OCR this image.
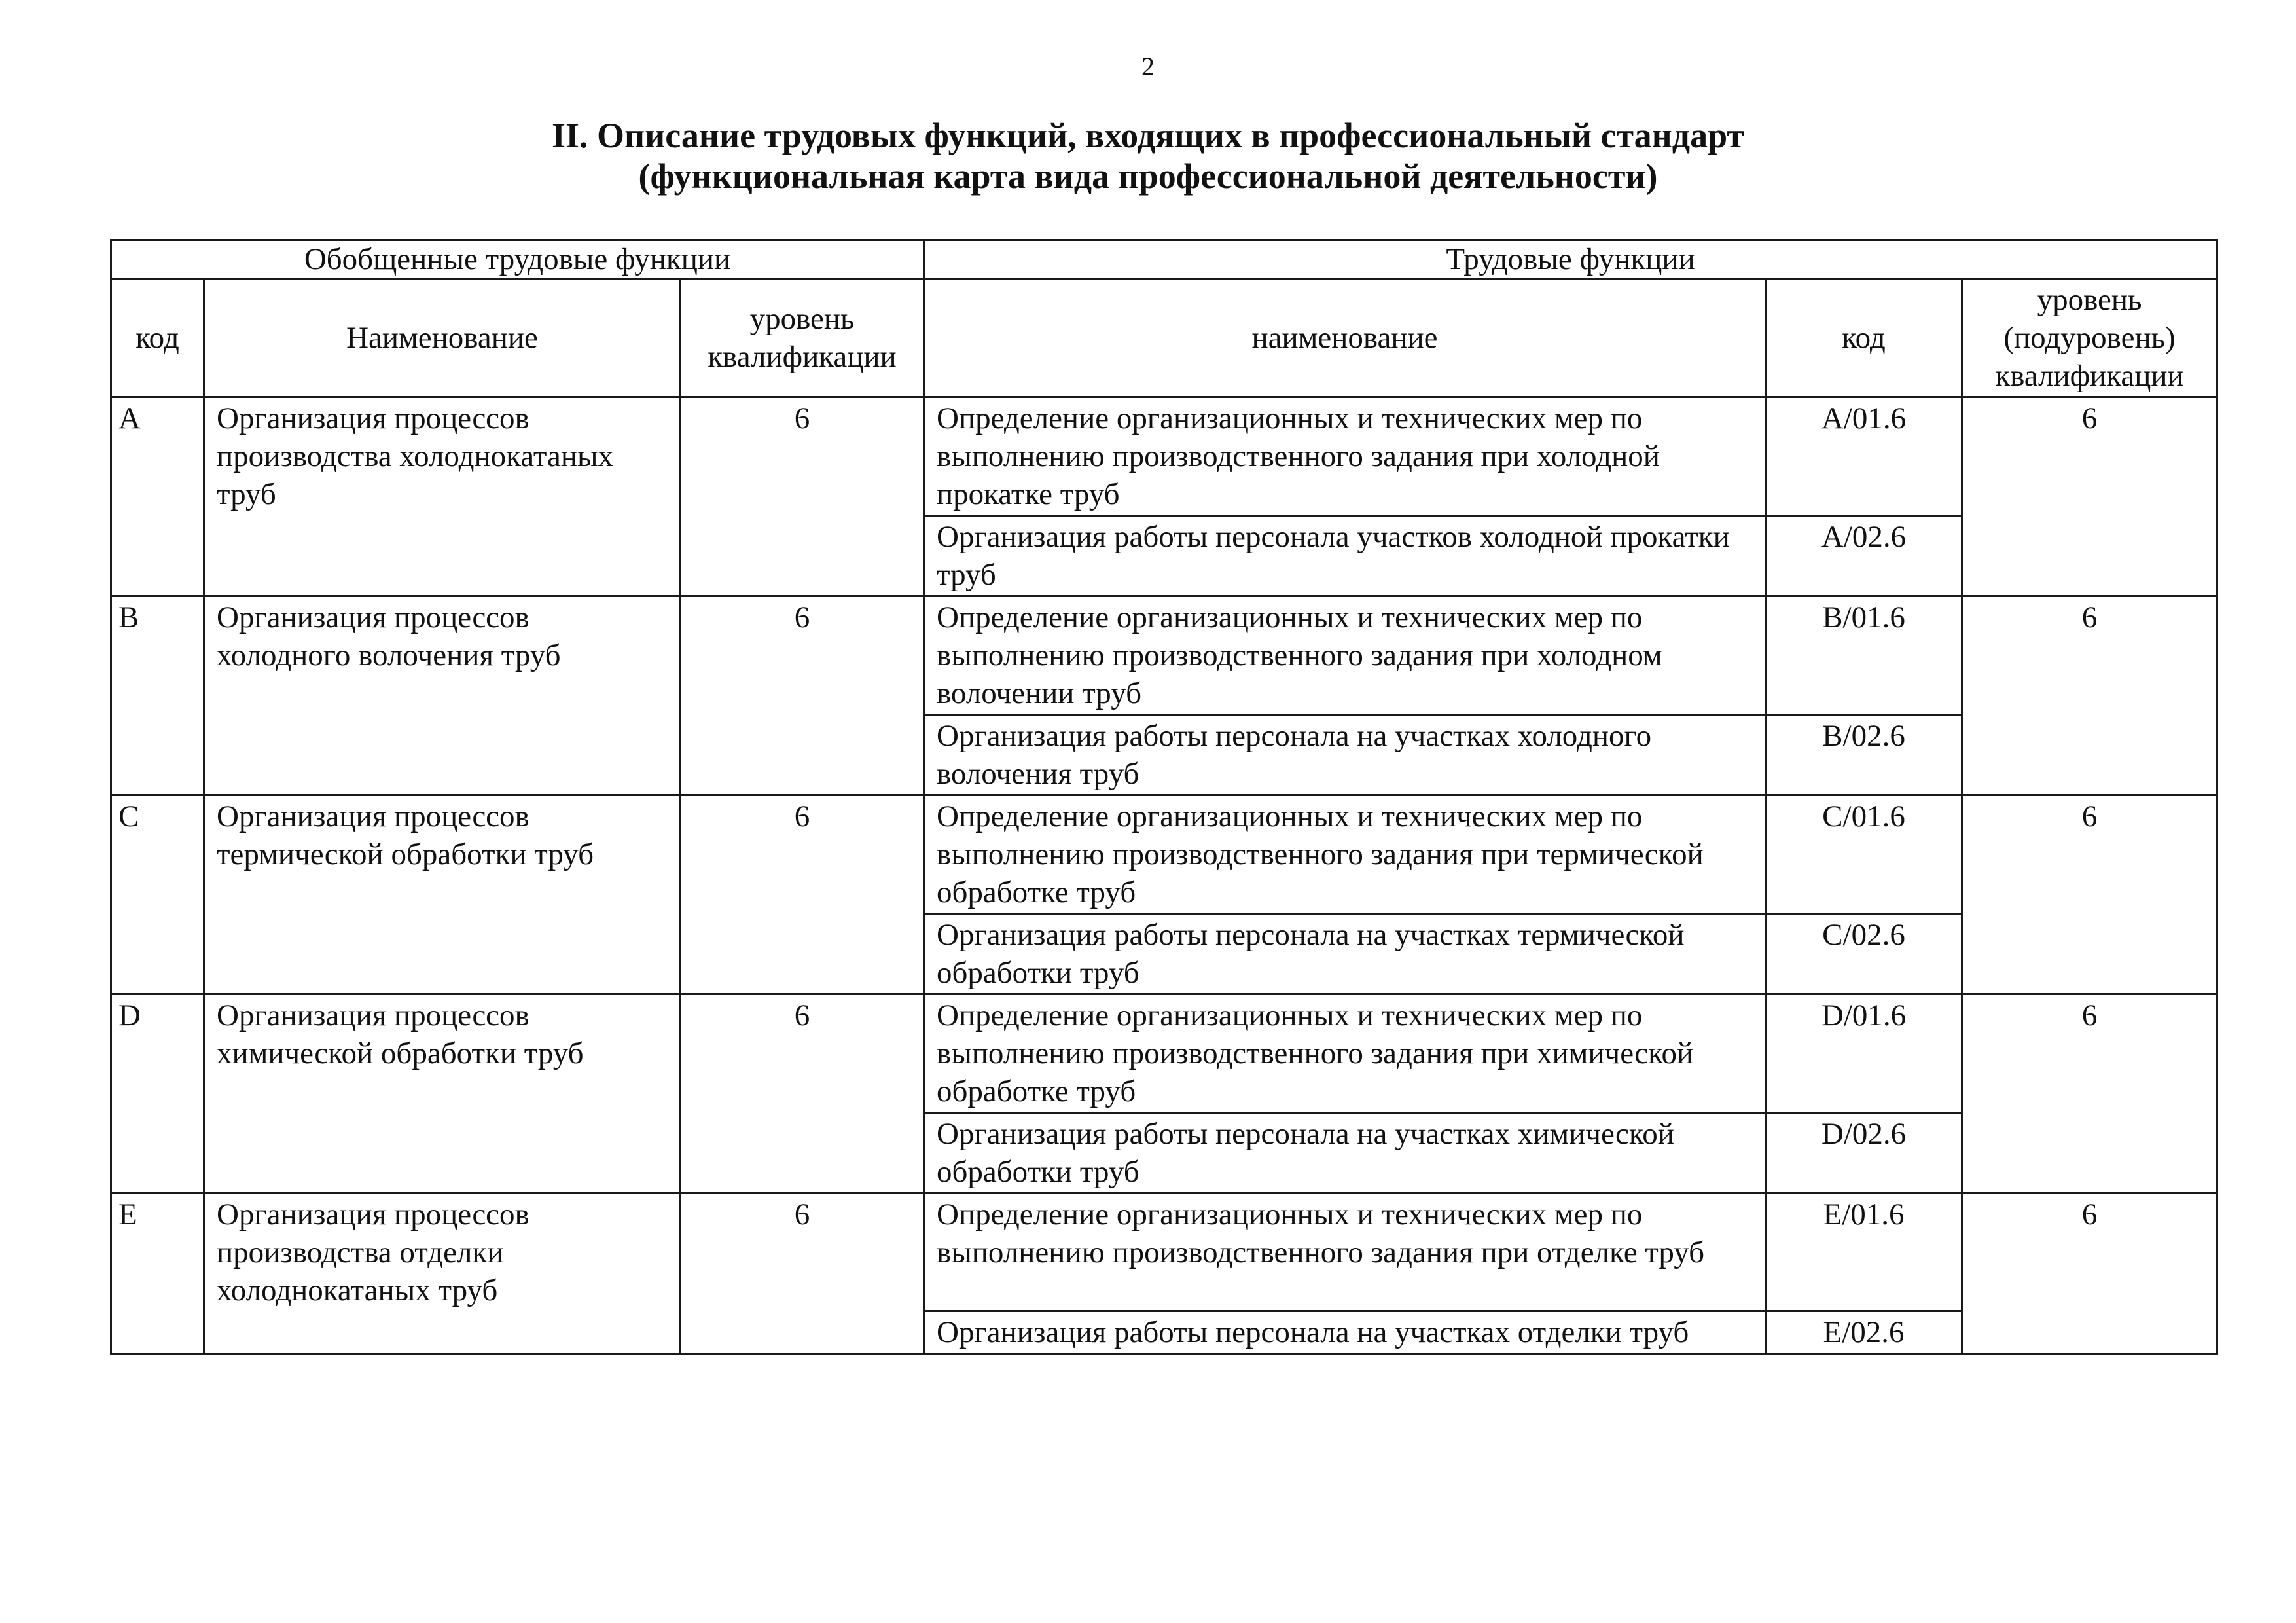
2
II. Описание трудовых функций, входящих в профессиональный стандарт
(функциональная карта вида профессиональной деятельности)
Обобщенные трудовые функции			Трудовые функции		
код	Наименование	уровень квалификации	наименование	код	уровень (подуровень) квалификации
A	Организация процессов производства холоднокатаных труб	6	Определение организационных и технических мер по выполнению производственного задания при холодной прокатке труб	A/01.6	6
			Организация работы персонала участков холодной прокатки труб	A/02.6	
B	Организация процессов холодного волочения труб	6	Определение организационных и технических мер по выполнению производственного задания при холодном волочении труб	B/01.6	6
			Организация работы персонала на участках холодного волочения труб	B/02.6	
C	Организация процессов термической обработки труб	6	Определение организационных и технических мер по выполнению производственного задания при термической обработке труб	C/01.6	6
			Организация работы персонала на участках термической обработки труб	C/02.6	
D	Организация процессов химической обработки труб	6	Определение организационных и технических мер по выполнению производственного задания при химической обработке труб	D/01.6	6
			Организация работы персонала на участках химической обработки труб	D/02.6	
E	Организация процессов производства отделки холоднокатаных труб	6	Определение организационных и технических мер по выполнению производственного задания при отделке труб	E/01.6	6
			Организация работы персонала на участках отделки труб	E/02.6	
